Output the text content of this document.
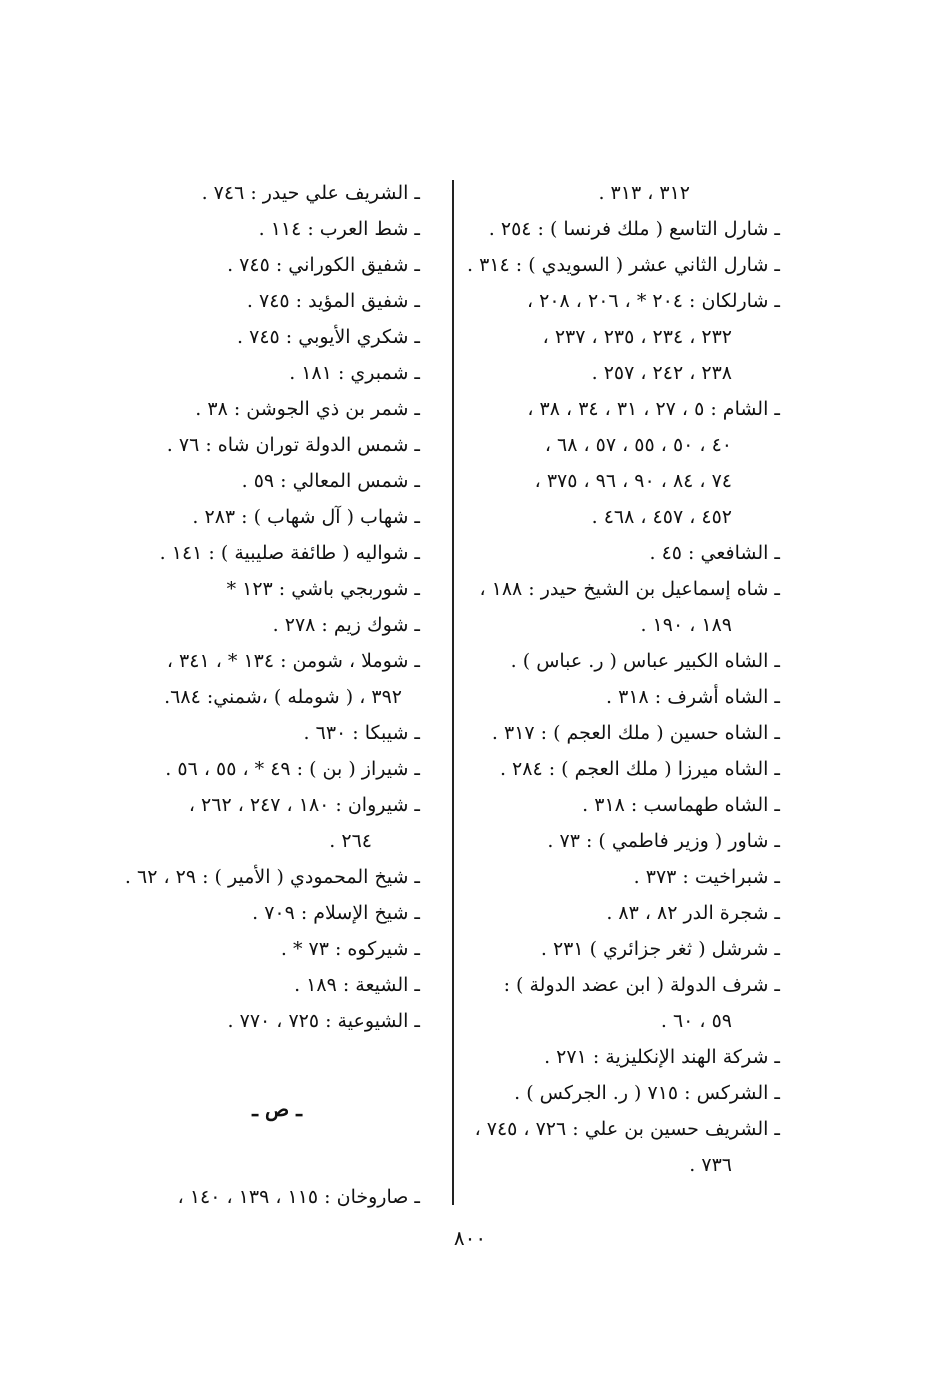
٣١٢ ، ٣١٣ .
ـ شارل التاسع ( ملك فرنسا ) : ٢٥٤ .
ـ شارل الثاني عشر ( السويدي ) : ٣١٤ .
ـ شارلكان : ٢٠٤ * ، ٢٠٦ ، ٢٠٨ ،
٢٣٢ ، ٢٣٤ ، ٢٣٥ ، ٢٣٧ ،
٢٣٨ ، ٢٤٢ ، ٢٥٧ .
ـ الشام : ٥ ، ٢٧ ، ٣١ ، ٣٤ ، ٣٨ ،
٤٠ ، ٥٠ ، ٥٥ ، ٥٧ ، ٦٨ ،
٧٤ ، ٨٤ ، ٩٠ ، ٩٦ ، ٣٧٥ ،
٤٥٢ ، ٤٥٧ ، ٤٦٨ .
ـ الشافعي : ٤٥ .
ـ شاه إسماعيل بن الشيخ حيدر : ١٨٨ ،
١٨٩ ، ١٩٠ .
ـ الشاه الكبير عباس ( ر. عباس ) .
ـ الشاه أشرف : ٣١٨ .
ـ الشاه حسين ( ملك العجم ) : ٣١٧ .
ـ الشاه ميرزا ( ملك العجم ) : ٢٨٤ .
ـ الشاه طهماسب : ٣١٨ .
ـ شاور ( وزير فاطمي ) : ٧٣ .
ـ شبراخيت : ٣٧٣ .
ـ شجرة الدر ٨٢ ، ٨٣ .
ـ شرشل ( ثغر جزائري ) ٢٣١ .
ـ شرف الدولة ( ابن عضد الدولة ) :
٥٩ ، ٦٠ .
ـ شركة الهند الإنكليزية : ٢٧١ .
ـ الشركس : ٧١٥ ( ر. الجركس ) .
ـ الشريف حسين بن علي : ٧٢٦ ، ٧٤٥ ،
٧٣٦ .
ـ الشريف علي حيدر : ٧٤٦ .
ـ شط العرب : ١١٤ .
ـ شفيق الكوراني : ٧٤٥ .
ـ شفيق المؤيد : ٧٤٥ .
ـ شكري الأيوبي : ٧٤٥ .
ـ شمبري : ١٨١ .
ـ شمر بن ذي الجوشن : ٣٨ .
ـ شمس الدولة توران شاه : ٧٦ .
ـ شمس المعالي : ٥٩ .
ـ شهاب ( آل شهاب ) : ٢٨٣ .
ـ شواليه ( طائفة صليبية ) : ١٤١ .
ـ شوربجي باشي : ١٢٣ *
ـ شوك زيم : ٢٧٨ .
ـ شوملا ، شومن : ١٣٤ * ، ٣٤١ ،
٣٩٢ ، ( شومله ) ،شمني: ٦٨٤.
ـ شيبكا : ٦٣٠ .
ـ شيراز ( بن ) : ٤٩ * ، ٥٥ ، ٥٦ .
ـ شيروان : ١٨٠ ، ٢٤٧ ، ٢٦٢ ،
٢٦٤ .
ـ شيخ المحمودي ( الأمير ) : ٢٩ ، ٦٢ .
ـ شيخ الإسلام : ٧٠٩ .
ـ شيركوه : ٧٣ * .
ـ الشيعة : ١٨٩ .
ـ الشيوعية : ٧٢٥ ، ٧٧٠ .
ـ ص ـ
ـ صاروخان : ١١٥ ، ١٣٩ ، ١٤٠ ،
٨٠٠
